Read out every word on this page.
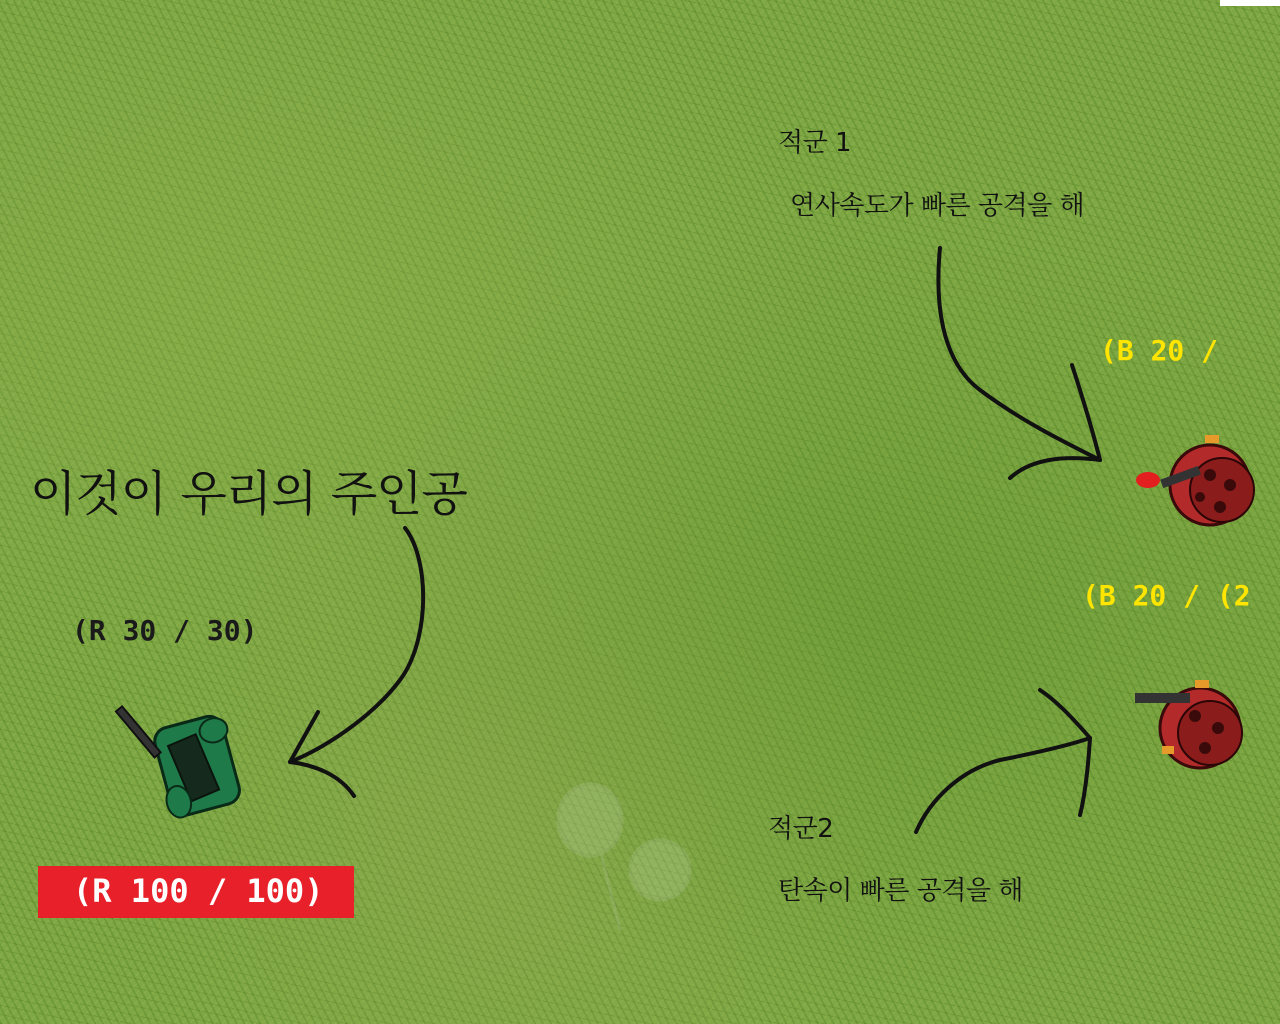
이것이 우리의 주인공
(R 30 / 30)
(R 100 / 100)
적군 1
연사속도가 빠른 공격을 해
(B 20 /
(B 20 / (2
적군2
탄속이 빠른 공격을 해
